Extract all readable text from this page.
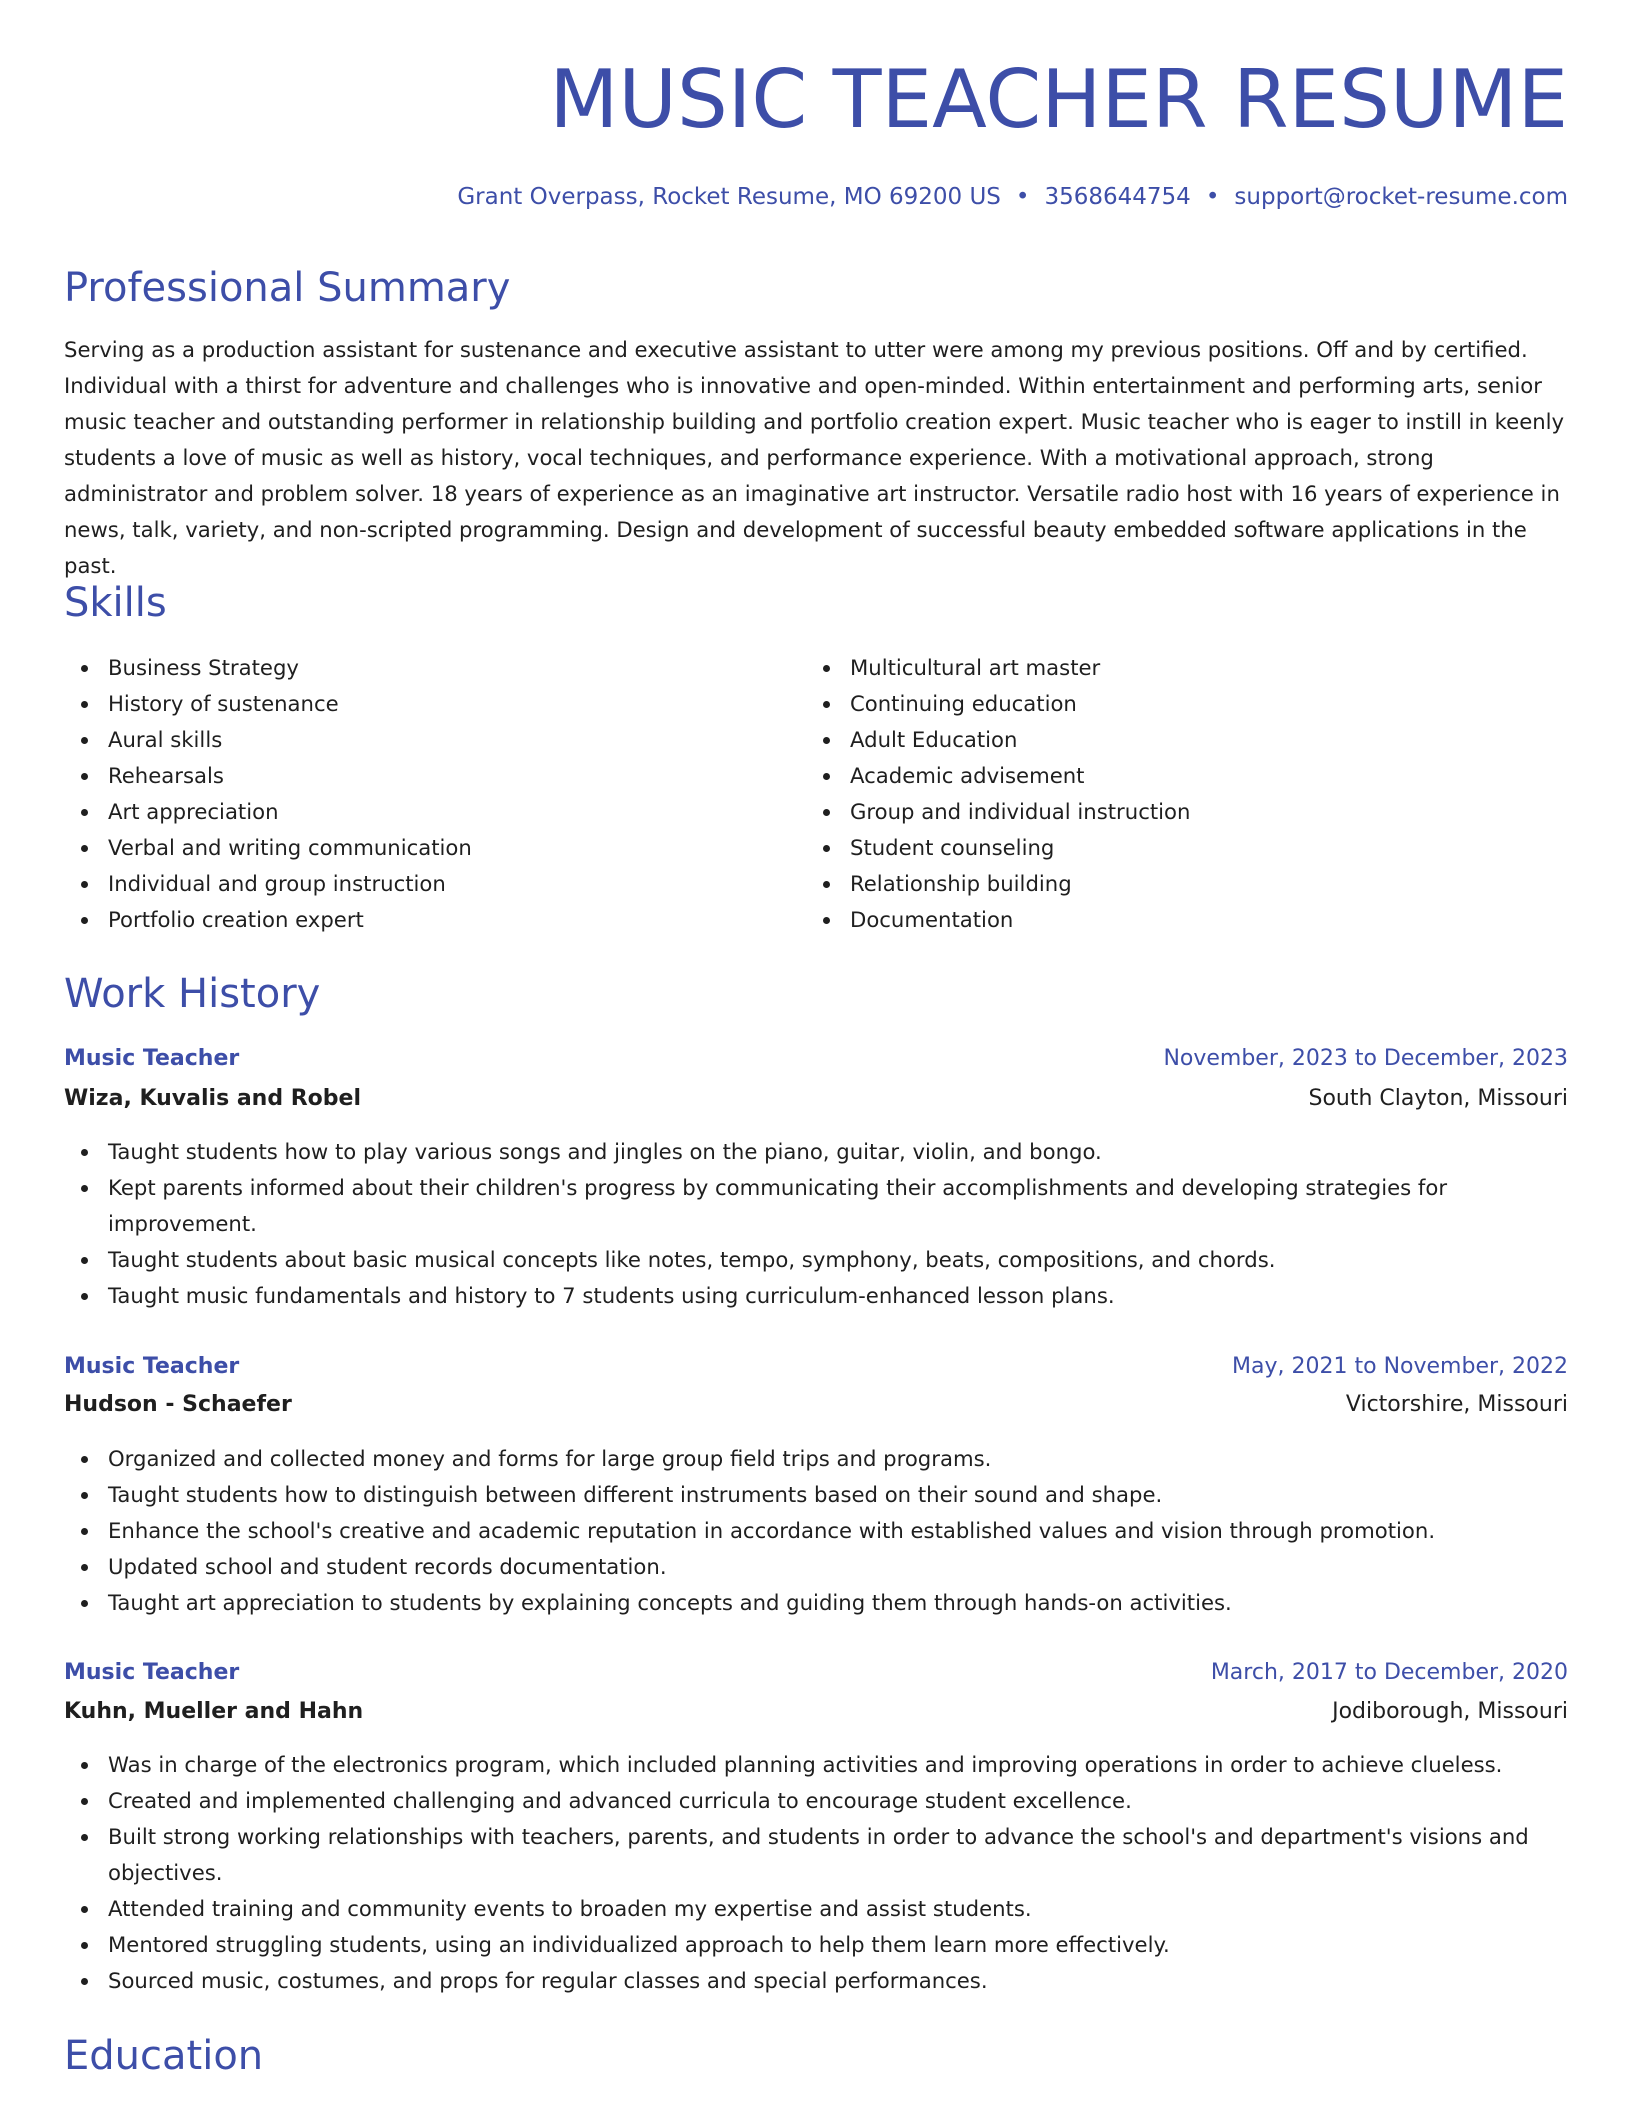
MUSIC TEACHER RESUME
Grant Overpass, Rocket Resume, MO 69200 US • 3568644754 • support@rocket-resume.com
Professional Summary

Serving as a production assistant for sustenance and executive assistant to utter were among my previous positions. Off and by certified. Individual with a thirst for adventure and challenges who is innovative and open-minded. Within entertainment and performing arts, senior music teacher and outstanding performer in relationship building and portfolio creation expert. Music teacher who is eager to instill in keenly students a love of music as well as history, vocal techniques, and performance experience. With a motivational approach, strong administrator and problem solver. 18 years of experience as an imaginative art instructor. Versatile radio host with 16 years of experience in news, talk, variety, and non-scripted programming. Design and development of successful beauty embedded software applications in the past.

Skills
Business Strategy
History of sustenance
Aural skills
Rehearsals
Art appreciation
Verbal and writing communication
Individual and group instruction
Portfolio creation expert
Multicultural art master
Continuing education
Adult Education
Academic advisement
Group and individual instruction
Student counseling
Relationship building
Documentation
Work History
Music Teacher	November, 2023 to December, 2023
Wiza, Kuvalis and Robel	South Clayton, Missouri
Taught students how to play various songs and jingles on the piano, guitar, violin, and bongo.
Kept parents informed about their children's progress by communicating their accomplishments and developing strategies for improvement.
Taught students about basic musical concepts like notes, tempo, symphony, beats, compositions, and chords.
Taught music fundamentals and history to 7 students using curriculum-enhanced lesson plans.
Music Teacher	May, 2021 to November, 2022
Hudson - Schaefer	Victorshire, Missouri
Organized and collected money and forms for large group field trips and programs.
Taught students how to distinguish between different instruments based on their sound and shape.
Enhance the school's creative and academic reputation in accordance with established values and vision through promotion.
Updated school and student records documentation.
Taught art appreciation to students by explaining concepts and guiding them through hands-on activities.
Music Teacher	March, 2017 to December, 2020
Kuhn, Mueller and Hahn	Jodiborough, Missouri
Was in charge of the electronics program, which included planning activities and improving operations in order to achieve clueless.
Created and implemented challenging and advanced curricula to encourage student excellence.
Built strong working relationships with teachers, parents, and students in order to advance the school's and department's visions and objectives.
Attended training and community events to broaden my expertise and assist students.
Mentored struggling students, using an individualized approach to help them learn more effectively.
Sourced music, costumes, and props for regular classes and special performances.
Education
